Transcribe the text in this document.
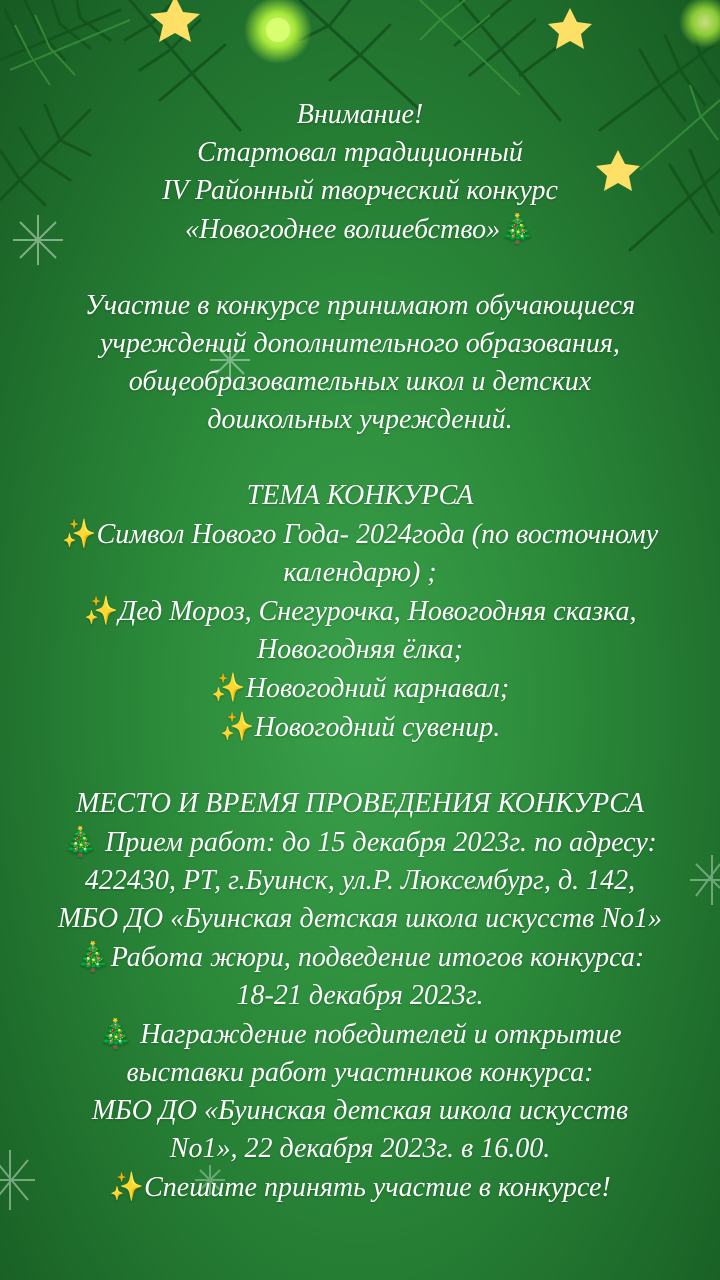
Внимание!
Стартовал традиционный
IV Районный творческий конкурс
«Новогоднее волшебство»🎄
Участие в конкурсе принимают обучающиеся
учреждений дополнительного образования,
общеобразовательных школ и детских
дошкольных учреждений.
ТЕМА КОНКУРСА
✨Символ Нового Года- 2024года (по восточному
календарю) ;
✨Дед Мороз, Снегурочка, Новогодняя сказка,
Новогодняя ёлка;
✨Новогодний карнавал;
✨Новогодний сувенир.
МЕСТО И ВРЕМЯ ПРОВЕДЕНИЯ КОНКУРСА
🎄 Прием работ: до 15 декабря 2023г. по адресу:
422430, РТ, г.Буинск, ул.Р. Люксембург, д. 142,
МБО ДО «Буинская детская школа искусств No1»
🎄Работа жюри, подведение итогов конкурса:
18-21 декабря 2023г.
🎄 Награждение победителей и открытие
выставки работ участников конкурса:
МБО ДО «Буинская детская школа искусств
No1», 22 декабря 2023г. в 16.00.
✨Спешите принять участие в конкурсе!
